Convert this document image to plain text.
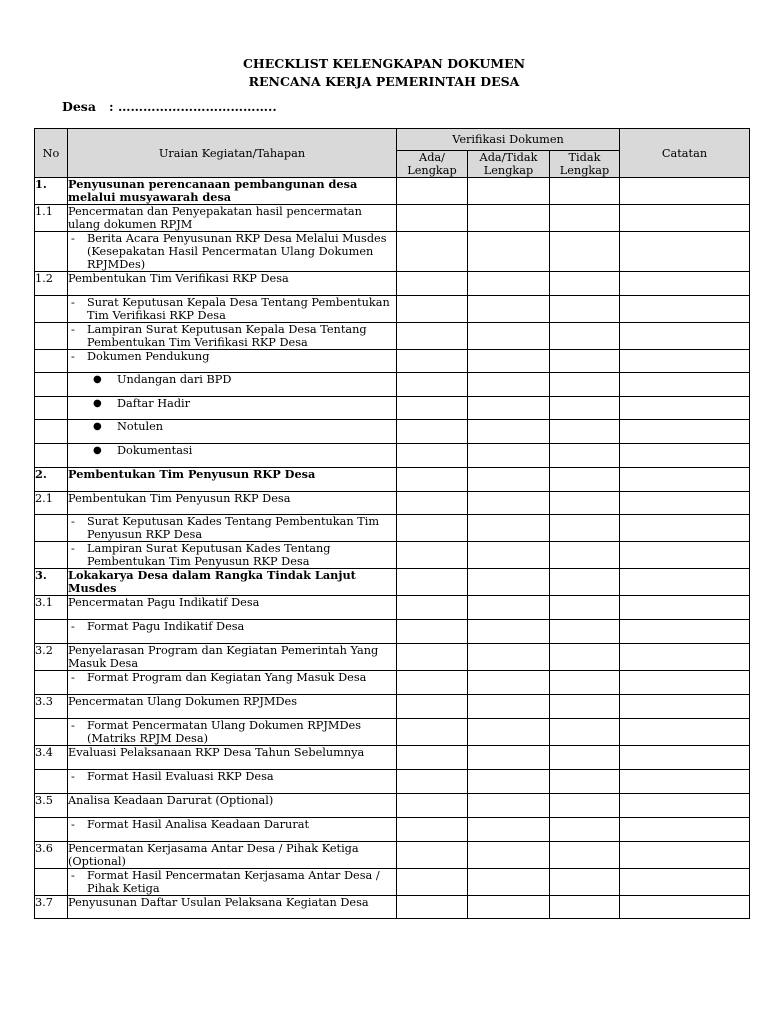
CHECKLIST KELENGKAPAN DOKUMEN
RENCANA KERJA PEMERINTAH DESA
Desa : ………………………………..
No	Uraian Kegiatan/Tahapan	Verifikasi Dokumen			Catatan
		Ada/ Lengkap	Ada/Tidak Lengkap	Tidak Lengkap	
1.	Penyusunan perencanaan pembangunan desa melalui musyawarah desa				
1.1	Pencermatan dan Penyepakatan hasil pencermatan ulang dokumen RPJM				

	- Berita Acara Penyusunan RKP Desa Melalui Musdes (Kesepakatan Hasil Pencermatan Ulang Dokumen RPJMDes)				

1.2	Pembentukan Tim Verifikasi RKP Desa				

	- Surat Keputusan Kepala Desa Tentang Pembentukan Tim Verifikasi RKP Desa				

	- Lampiran Surat Keputusan Kepala Desa Tentang Pembentukan Tim Verifikasi RKP Desa				

	- Dokumen Pendukung				

	● Undangan dari BPD				

	● Daftar Hadir				

	● Notulen				

	● Dokumentasi				

2.	Pembentukan Tim Penyusun RKP Desa				
2.1	Pembentukan Tim Penyusun RKP Desa				

	- Surat Keputusan Kades Tentang Pembentukan Tim Penyusun RKP Desa				

	- Lampiran Surat Keputusan Kades Tentang Pembentukan Tim Penyusun RKP Desa				

3.	Lokakarya Desa dalam Rangka Tindak Lanjut Musdes				
3.1	Pencermatan Pagu Indikatif Desa				

	- Format Pagu Indikatif Desa				

3.2	Penyelarasan Program dan Kegiatan Pemerintah Yang Masuk Desa				

	- Format Program dan Kegiatan Yang Masuk Desa				

3.3	Pencermatan Ulang Dokumen RPJMDes				

	- Format Pencermatan Ulang Dokumen RPJMDes (Matriks RPJM Desa)				

3.4	Evaluasi Pelaksanaan RKP Desa Tahun Sebelumnya				

	- Format Hasil Evaluasi RKP Desa				

3.5	Analisa Keadaan Darurat (Optional)				

	- Format Hasil Analisa Keadaan Darurat				

3.6	Pencermatan Kerjasama Antar Desa / Pihak Ketiga (Optional)				

	- Format Hasil Pencermatan Kerjasama Antar Desa / Pihak Ketiga				

3.7	Penyusunan Daftar Usulan Pelaksana Kegiatan Desa				
